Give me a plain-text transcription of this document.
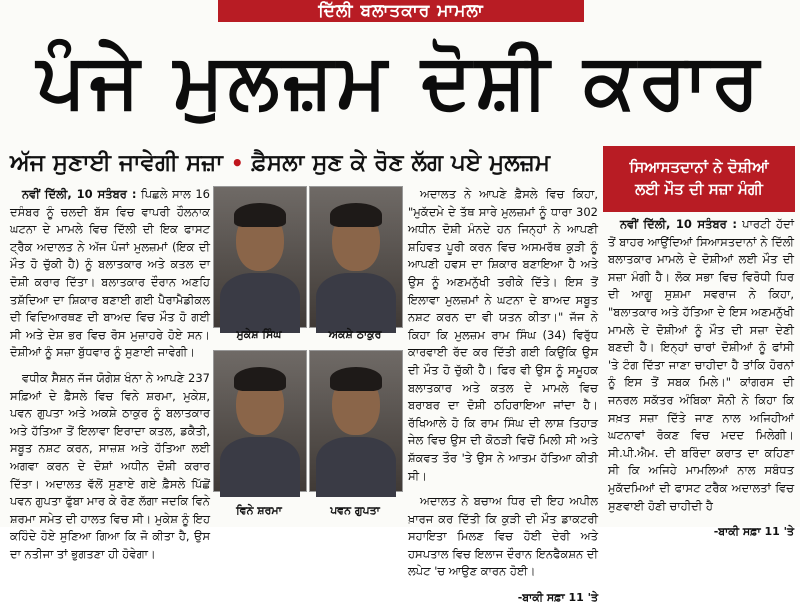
ਦਿੱਲੀ ਬਲਾਤਕਾਰ ਮਾਮਲਾ
ਪੰਜੇ ਮੁਲਜ਼ਮ ਦੋਸ਼ੀ ਕਰਾਰ
ਅੱਜ ਸੁਣਾਈ ਜਾਵੇਗੀ ਸਜ਼ਾ • ਫ਼ੈਸਲਾ ਸੁਣ ਕੇ ਰੋਣ ਲੱਗ ਪਏ ਮੁਲਜ਼ਮ	ਸਿਆਸਤਦਾਨਾਂ ਨੇ ਦੋਸ਼ੀਆਂ
ਲਈ ਮੌਤ ਦੀ ਸਜ਼ਾ ਮੰਗੀ

ਨਵੀਂ ਦਿੱਲੀ, 10 ਸਤੰਬਰ : ਪਿਛਲੇ ਸਾਲ 16 ਦਸੰਬਰ ਨੂੰ ਚਲਦੀ ਬੱਸ ਵਿਚ ਵਾਪਰੀ ਹੌਲਨਾਕ ਘਟਨਾ ਦੇ ਮਾਮਲੇ ਵਿਚ ਦਿੱਲੀ ਦੀ ਇਕ ਫਾਸਟ ਟ੍ਰੈਕ ਅਦਾਲਤ ਨੇ ਅੱਜ ਪੰਜਾਂ ਮੁਲਜ਼ਮਾਂ (ਇਕ ਦੀ ਮੌਤ ਹੋ ਚੁੱਕੀ ਹੈ) ਨੂੰ ਬਲਾਤਕਾਰ ਅਤੇ ਕਤਲ ਦਾ ਦੋਸ਼ੀ ਕਰਾਰ ਦਿੱਤਾ। ਬਲਾਤਕਾਰ ਦੌਰਾਨ ਅਣਹਿ ਤਸ਼ੱਦਿਆ ਦਾ ਸ਼ਿਕਾਰ ਬਣਾਈ ਗਈ ਪੈਰਾਮੈਡੀਕਲ ਦੀ ਵਿਦਿਆਰਥਣ ਦੀ ਬਾਅਦ ਵਿਚ ਮੌਤ ਹੋ ਗਈ ਸੀ ਅਤੇ ਦੇਸ਼ ਭਰ ਵਿਚ ਰੋਸ ਮੁਜ਼ਾਹਰੇ ਹੋਏ ਸਨ। ਦੋਸ਼ੀਆਂ ਨੂੰ ਸਜ਼ਾ ਬੁੱਧਵਾਰ ਨੂੰ ਸੁਣਾਈ ਜਾਵੇਗੀ।

ਵਧੀਕ ਸੈਸ਼ਨ ਜੱਜ ਯੋਗੇਸ਼ ਖੰਨਾ ਨੇ ਆਪਣੇ 237 ਸਫ਼ਿਆਂ ਦੇ ਫ਼ੈਸਲੇ ਵਿਚ ਵਿਨੇ ਸ਼ਰਮਾ, ਮੁਕੇਸ਼, ਪਵਨ ਗੁਪਤਾ ਅਤੇ ਅਕਸ਼ੇ ਠਾਕੁਰ ਨੂੰ ਬਲਾਤਕਾਰ ਅਤੇ ਹੱਤਿਆ ਤੋਂ ਇਲਾਵਾ ਇਰਾਦਾ ਕਤਲ, ਡਕੈਤੀ, ਸਬੂਤ ਨਸ਼ਟ ਕਰਨ, ਸਾਜ਼ਸ਼ ਅਤੇ ਹੱਤਿਆ ਲਈ ਅਗਵਾ ਕਰਨ ਦੇ ਦੋਸ਼ਾਂ ਅਧੀਨ ਦੋਸ਼ੀ ਕਰਾਰ ਦਿੱਤਾ। ਅਦਾਲਤ ਵੱਲੋਂ ਸੁਣਾਏ ਗਏ ਫ਼ੈਸਲੇ ਪਿੱਛੋਂ ਪਵਨ ਗੁਪਤਾ ਫੁੱਬਾ ਮਾਰ ਕੇ ਰੋਣ ਲੱਗਾ ਜਦਕਿ ਵਿਨੇ ਸ਼ਰਮਾ ਸਮੇਤ ਦੀ ਹਾਲਤ ਵਿਚ ਸੀ। ਮੁਕੇਸ਼ ਨੂੰ ਇਹ ਕਹਿੰਦੇ ਹੋਏ ਸੁਣਿਆ ਗਿਆ ਕਿ ਜੋ ਕੀਤਾ ਹੈ, ਉਸ ਦਾ ਨਤੀਜਾ ਤਾਂ ਭੁਗਤਣਾ ਹੀ ਹੋਵੇਗਾ।

ਮੁਕੇਸ਼ ਸਿੰਘ	ਅਕਸ਼ੇ ਠਾਕੁਰ
ਵਿਨੇ ਸ਼ਰਮਾ	ਪਵਨ ਗੁਪਤਾ

ਅਦਾਲਤ ਨੇ ਆਪਣੇ ਫ਼ੈਸਲੇ ਵਿਚ ਕਿਹਾ, "ਮੁਕੱਦਮੇ ਦੇ ਤੱਥ ਸਾਰੇ ਮੁਲਜ਼ਮਾਂ ਨੂੰ ਧਾਰਾ 302 ਅਧੀਨ ਦੋਸ਼ੀ ਮੰਨਦੇ ਹਨ ਜਿਨ੍ਹਾਂ ਨੇ ਆਪਣੀ ਸ਼ਹਿਵਤ ਪੂਰੀ ਕਰਨ ਵਿਚ ਅਸਮਰੱਥ ਕੁੜੀ ਨੂੰ ਆਪਣੀ ਹਵਸ ਦਾ ਸ਼ਿਕਾਰ ਬਣਾਇਆ ਹੈ ਅਤੇ ਉਸ ਨੂੰ ਅਣਮਨੁੱਖੀ ਤਰੀਕੇ ਦਿੱਤੇ। ਇਸ ਤੋਂ ਇਲਾਵਾ ਮੁਲਜ਼ਮਾਂ ਨੇ ਘਟਨਾ ਦੇ ਬਾਅਦ ਸਬੂਤ ਨਸ਼ਟ ਕਰਨ ਦਾ ਵੀ ਯਤਨ ਕੀਤਾ।" ਜੱਜ ਨੇ ਕਿਹਾ ਕਿ ਮੁਲਜ਼ਮ ਰਾਮ ਸਿੰਘ (34) ਵਿਰੁੱਧ ਕਾਰਵਾਈ ਰੱਦ ਕਰ ਦਿੱਤੀ ਗਈ ਕਿਉਂਕਿ ਉਸ ਦੀ ਮੌਤ ਹੋ ਚੁੱਕੀ ਹੈ। ਫਿਰ ਵੀ ਉਸ ਨੂੰ ਸਮੂਹਕ ਬਲਾਤਕਾਰ ਅਤੇ ਕਤਲ ਦੇ ਮਾਮਲੇ ਵਿਚ ਬਰਾਬਰ ਦਾ ਦੋਸ਼ੀ ਠਹਿਰਾਇਆ ਜਾਂਦਾ ਹੈ। ਰੱਖਿਆਲੇ ਹੋ ਕਿ ਰਾਮ ਸਿੰਘ ਦੀ ਲਾਸ਼ ਤਿਹਾੜ ਜੇਲ ਵਿਚ ਉਸ ਦੀ ਕੋਠੜੀ ਵਿਚੋਂ ਮਿਲੀ ਸੀ ਅਤੇ ਸ਼ੱਕਵਤ ਤੌਰ 'ਤੇ ਉਸ ਨੇ ਆਤਮ ਹੱਤਿਆ ਕੀਤੀ ਸੀ।

ਅਦਾਲਤ ਨੇ ਬਚਾਅ ਧਿਰ ਦੀ ਇਹ ਅਪੀਲ ਖ਼ਾਰਜ ਕਰ ਦਿੱਤੀ ਕਿ ਕੁੜੀ ਦੀ ਮੌਤ ਡਾਕਟਰੀ ਸਹਾਇਤਾ ਮਿਲਣ ਵਿਚ ਹੋਈ ਦੇਰੀ ਅਤੇ ਹਸਪਤਾਲ ਵਿਚ ਇਲਾਜ ਦੌਰਾਨ ਇਨਫੈਕਸ਼ਨ ਦੀ ਲਪੇਟ 'ਚ ਆਉਣ ਕਾਰਨ ਹੋਈ।

-ਬਾਕੀ ਸਫ਼ਾ 11 'ਤੇ

ਨਵੀਂ ਦਿੱਲੀ, 10 ਸਤੰਬਰ : ਪਾਰਟੀ ਹੱਦਾਂ ਤੋਂ ਬਾਹਰ ਆਉਂਦਿਆਂ ਸਿਆਸਤਦਾਨਾਂ ਨੇ ਦਿੱਲੀ ਬਲਾਤਕਾਰ ਮਾਮਲੇ ਦੇ ਦੋਸ਼ੀਆਂ ਲਈ ਮੌਤ ਦੀ ਸਜ਼ਾ ਮੰਗੀ ਹੈ। ਲੋਕ ਸਭਾ ਵਿਚ ਵਿਰੋਧੀ ਧਿਰ ਦੀ ਆਗੂ ਸੁਸ਼ਮਾ ਸਵਰਾਜ ਨੇ ਕਿਹਾ, "ਬਲਾਤਕਾਰ ਅਤੇ ਹੱਤਿਆ ਦੇ ਇਸ ਅਣਮਨੁੱਖੀ ਮਾਮਲੇ ਦੇ ਦੋਸ਼ੀਆਂ ਨੂੰ ਮੌਤ ਦੀ ਸਜ਼ਾ ਦੇਣੀ ਬਣਦੀ ਹੈ। ਇਨ੍ਹਾਂ ਚਾਰਾਂ ਦੋਸ਼ੀਆਂ ਨੂੰ ਫਾਂਸੀ 'ਤੇ ਟੰਗ ਦਿੱਤਾ ਜਾਣਾ ਚਾਹੀਦਾ ਹੈ ਤਾਂਕਿ ਹੋਰਨਾਂ ਨੂੰ ਇਸ ਤੋਂ ਸਬਕ ਮਿਲੇ।" ਕਾਂਗਰਸ ਦੀ ਜਨਰਲ ਸਕੱਤਰ ਅੰਬਿਕਾ ਸੋਨੀ ਨੇ ਕਿਹਾ ਕਿ ਸਖ਼ਤ ਸਜ਼ਾ ਦਿੱਤੇ ਜਾਣ ਨਾਲ ਅਜਿਹੀਆਂ ਘਟਨਾਵਾਂ ਰੋਕਣ ਵਿਚ ਮਦਦ ਮਿਲੇਗੀ। ਸੀ.ਪੀ.ਐਮ. ਦੀ ਬਰਿੰਦਾ ਕਰਾਤ ਦਾ ਕਹਿਣਾ ਸੀ ਕਿ ਅਜਿਹੇ ਮਾਮਲਿਆਂ ਨਾਲ ਸਬੰਧਤ ਮੁਕੱਦਮਿਆਂ ਦੀ ਫਾਸਟ ਟਰੈਕ ਅਦਾਲਤਾਂ ਵਿਚ ਸੁਣਵਾਈ ਹੋਣੀ ਚਾਹੀਦੀ ਹੈ

-ਬਾਕੀ ਸਫ਼ਾ 11 'ਤੇ
